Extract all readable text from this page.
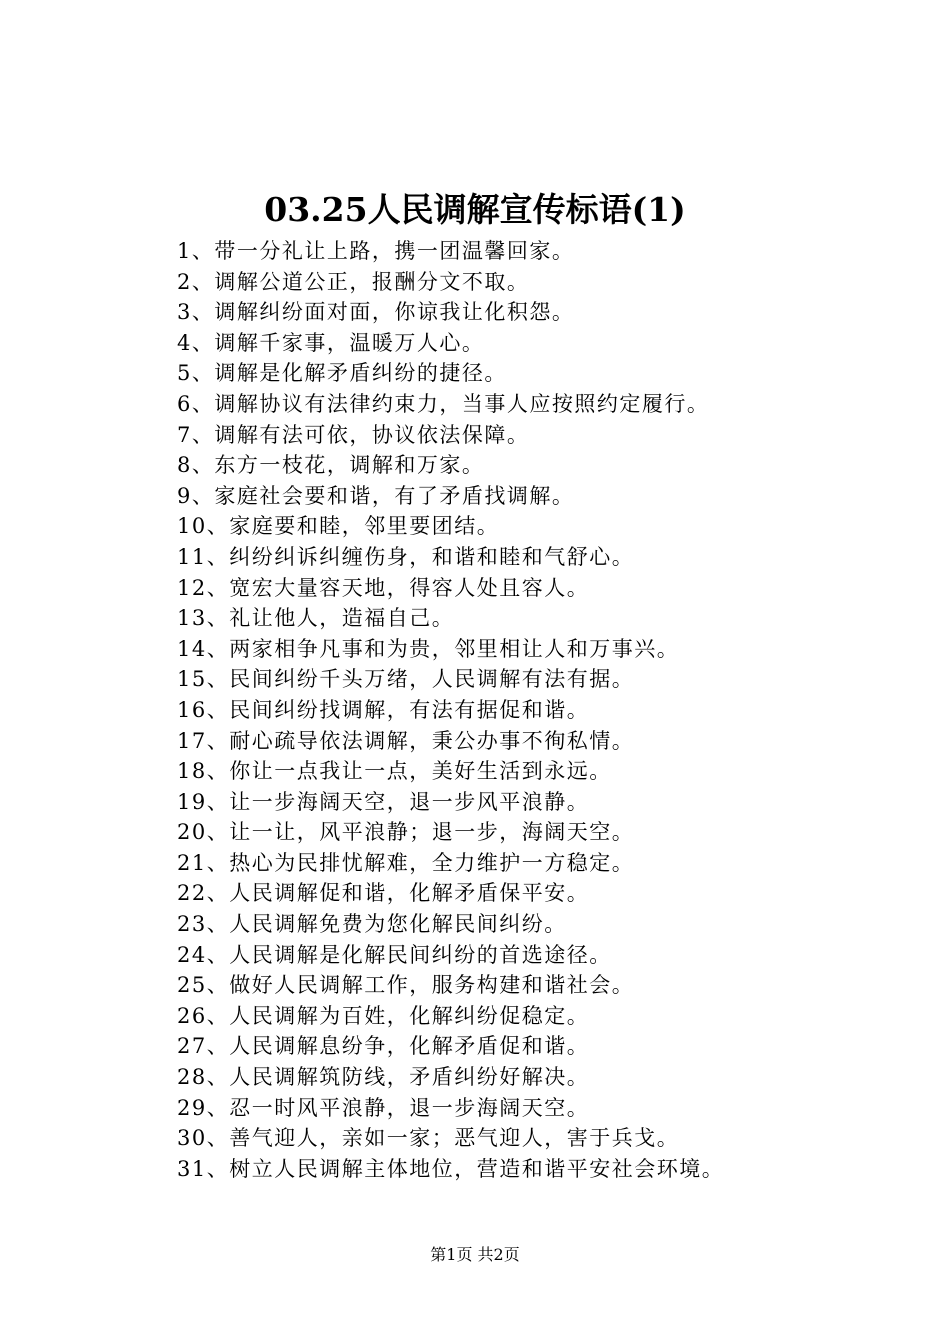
03.25人民调解宣传标语(1)
1、带一分礼让上路，携一团温馨回家。
2、调解公道公正，报酬分文不取。
3、调解纠纷面对面，你谅我让化积怨。
4、调解千家事，温暖万人心。
5、调解是化解矛盾纠纷的捷径。
6、调解协议有法律约束力，当事人应按照约定履行。
7、调解有法可依，协议依法保障。
8、东方一枝花，调解和万家。
9、家庭社会要和谐，有了矛盾找调解。
10、家庭要和睦，邻里要团结。
11、纠纷纠诉纠缠伤身，和谐和睦和气舒心。
12、宽宏大量容天地，得容人处且容人。
13、礼让他人，造福自己。
14、两家相争凡事和为贵，邻里相让人和万事兴。
15、民间纠纷千头万绪，人民调解有法有据。
16、民间纠纷找调解，有法有据促和谐。
17、耐心疏导依法调解，秉公办事不徇私情。
18、你让一点我让一点，美好生活到永远。
19、让一步海阔天空，退一步风平浪静。
20、让一让，风平浪静；退一步，海阔天空。
21、热心为民排忧解难，全力维护一方稳定。
22、人民调解促和谐，化解矛盾保平安。
23、人民调解免费为您化解民间纠纷。
24、人民调解是化解民间纠纷的首选途径。
25、做好人民调解工作，服务构建和谐社会。
26、人民调解为百姓，化解纠纷促稳定。
27、人民调解息纷争，化解矛盾促和谐。
28、人民调解筑防线，矛盾纠纷好解决。
29、忍一时风平浪静，退一步海阔天空。
30、善气迎人，亲如一家；恶气迎人，害于兵戈。
31、树立人民调解主体地位，营造和谐平安社会环境。
第1页 共2页
